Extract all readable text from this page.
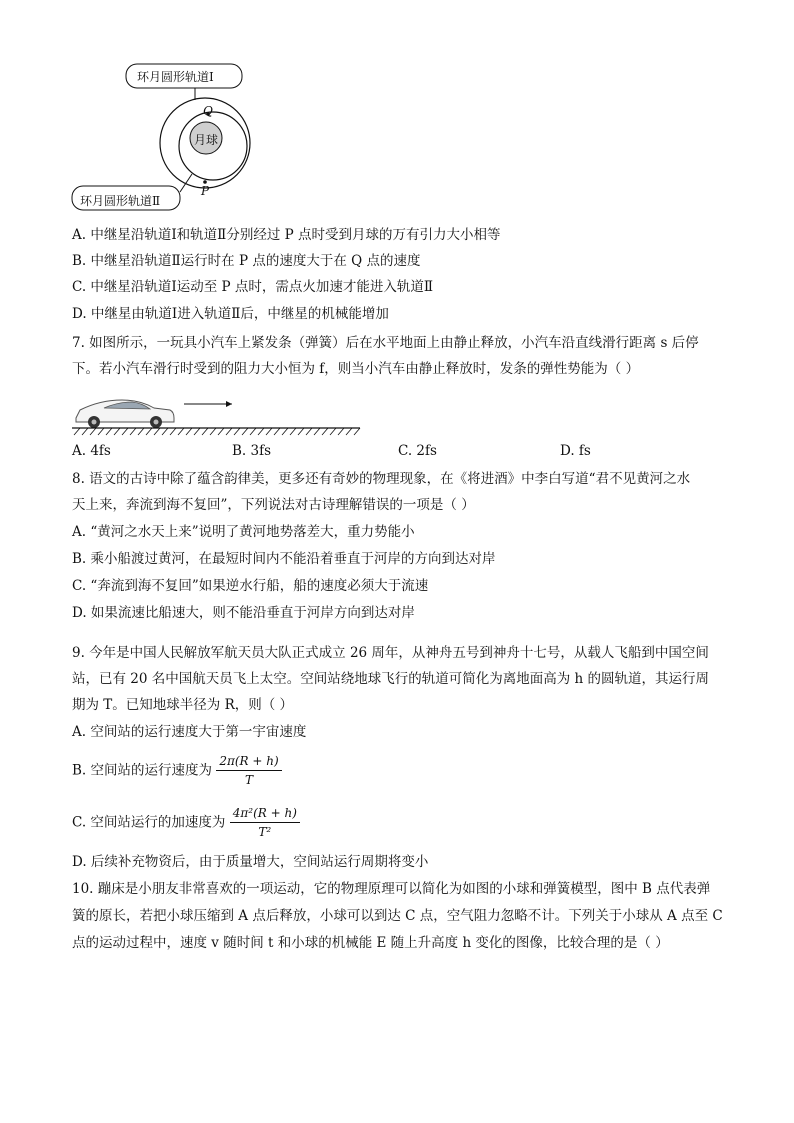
环月圆形轨道Ⅰ
环月圆形轨道Ⅱ
月球
Q
P
A. 中继星沿轨道Ⅰ和轨道Ⅱ分别经过 P 点时受到月球的万有引力大小相等
B. 中继星沿轨道Ⅱ运行时在 P 点的速度大于在 Q 点的速度
C. 中继星沿轨道Ⅰ运动至 P 点时，需点火加速才能进入轨道Ⅱ
D. 中继星由轨道Ⅰ进入轨道Ⅱ后，中继星的机械能增加
7. 如图所示，一玩具小汽车上紧发条（弹簧）后在水平地面上由静止释放，小汽车沿直线滑行距离 s 后停
下。若小汽车滑行时受到的阻力大小恒为 f，则当小汽车由静止释放时，发条的弹性势能为（ ）
A. 4fs	B. 3fs	C. 2fs	D. fs
8. 语文的古诗中除了蕴含韵律美，更多还有奇妙的物理现象，在《将进酒》中李白写道“君不见黄河之水
天上来，奔流到海不复回”，下列说法对古诗理解错误的一项是（ ）
A. “黄河之水天上来”说明了黄河地势落差大，重力势能小
B. 乘小船渡过黄河，在最短时间内不能沿着垂直于河岸的方向到达对岸
C. “奔流到海不复回”如果逆水行船，船的速度必须大于流速
D. 如果流速比船速大，则不能沿垂直于河岸方向到达对岸
9. 今年是中国人民解放军航天员大队正式成立 26 周年，从神舟五号到神舟十七号，从载人飞船到中国空间
站，已有 20 名中国航天员飞上太空。空间站绕地球飞行的轨道可简化为离地面高为 h 的圆轨道，其运行周
期为 T。已知地球半径为 R，则（ ）
A. 空间站的运行速度大于第一宇宙速度
B. 空间站的运行速度为 $\frac{2\pi(R + h)}{T}$
C. 空间站运行的加速度为 $\frac{\text{4π²(R + h)}}{\text{T²}}$
D. 后续补充物资后，由于质量增大，空间站运行周期将变小
10. 蹦床是小朋友非常喜欢的一项运动，它的物理原理可以简化为如图的小球和弹簧模型，图中 B 点代表弹
簧的原长，若把小球压缩到 A 点后释放，小球可以到达 C 点，空气阻力忽略不计。下列关于小球从 A 点至 C
点的运动过程中，速度 v 随时间 t 和小球的机械能 E 随上升高度 h 变化的图像，比较合理的是（ ）
